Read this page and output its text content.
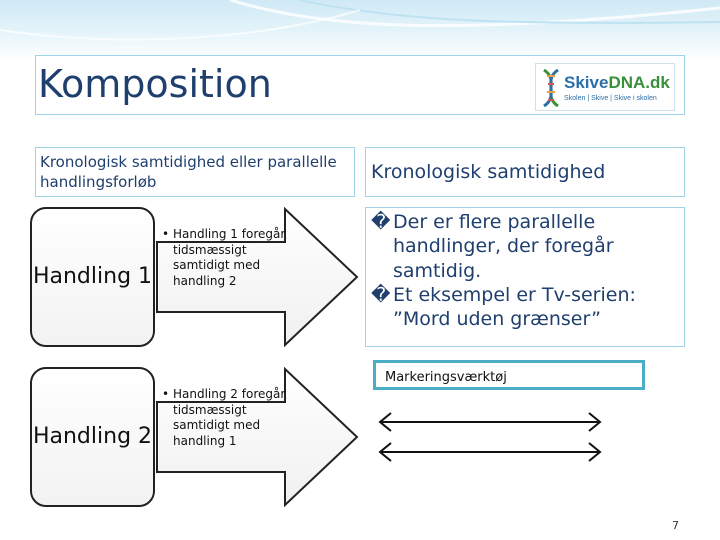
Komposition	SkiveDNA.dk
Skolen | Skive | Skive i skolen
Kronologisk samtidighed eller parallelle handlingsforløb	Kronologisk samtidighed
� Der er flere parallelle handlinger, der foregår samtidig.
� Et eksempel er Tv-serien: ”Mord uden grænser”
Handling 1
• Handling 1 foregår
tidsmæssigt samtidigt med handling 2
Handling 2
• Handling 2 foregår
tidsmæssigt samtidigt med handling 1
Markeringsværktøj
7
